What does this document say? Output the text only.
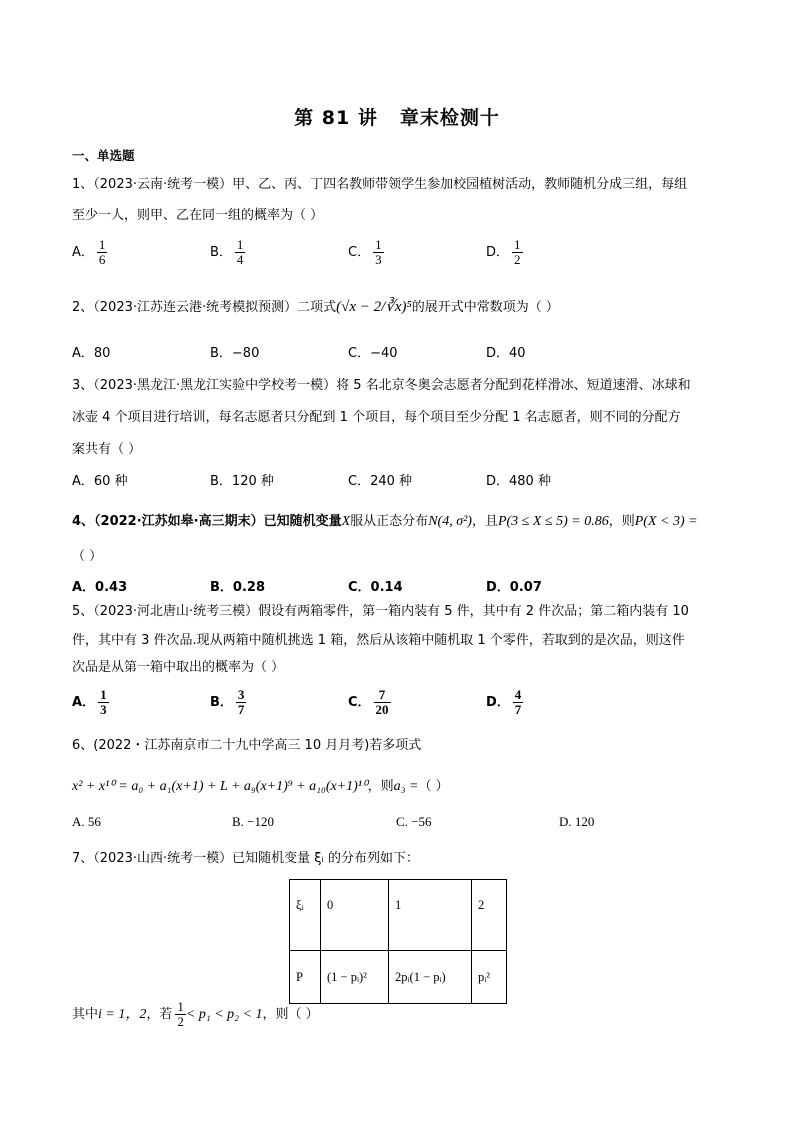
第 81 讲 章末检测十
一、单选题
1、（2023·云南·统考一模）甲、乙、丙、丁四名教师带领学生参加校园植树活动，教师随机分成三组，每组
至少一人，则甲、乙在同一组的概率为（ ）
A． $\frac{1}{6}$	B． $\frac{1}{4}$	C． $\frac{1}{3}$	D． $\frac{1}{2}$
2、（2023·江苏连云港·统考模拟预测）二项式(√x − 2/∛x)⁵的展开式中常数项为（ ）
A．80	B．−80	C．−40	D．40
3、（2023·黑龙江·黑龙江实验中学校考一模）将 5 名北京冬奥会志愿者分配到花样滑冰、短道速滑、冰球和
冰壶 4 个项目进行培训，每名志愿者只分配到 1 个项目，每个项目至少分配 1 名志愿者，则不同的分配方
案共有（ ）
A．60 种	B．120 种	C．240 种	D．480 种
4、（2022·江苏如皋·高三期末）已知随机变量X服从正态分布N(4, σ²)，且P(3 ≤ X ≤ 5) = 0.86，则P(X < 3) =
（ ）
A．0.43	B．0.28	C．0.14	D．0.07
5、（2023·河北唐山·统考三模）假设有两箱零件，第一箱内装有 5 件，其中有 2 件次品；第二箱内装有 10
件，其中有 3 件次品.现从两箱中随机挑选 1 箱，然后从该箱中随机取 1 个零件，若取到的是次品，则这件
次品是从第一箱中取出的概率为（ ）
A． $\frac{1}{3}$	B． $\frac{3}{7}$	C． $\frac{7}{20}$	D． $\frac{4}{7}$
6、(2022・江苏南京市二十九中学高三 10 月月考)若多项式
x² + x¹⁰ = a₀ + a₁(x+1) + L + a₉(x+1)⁹ + a₁₀(x+1)¹⁰，则a₃ =（ ）
A. 56	B. −120	C. −56	D. 120
7、（2023·山西·统考一模）已知随机变量 ξᵢ 的分布列如下：
ξᵢ	0	1	2
P	(1 − pᵢ)²	2pᵢ(1 − pᵢ)	pᵢ²
其中i = 1，2，若 $\frac{1}{2} < p_1 < p_2 < 1$，则（ ）
